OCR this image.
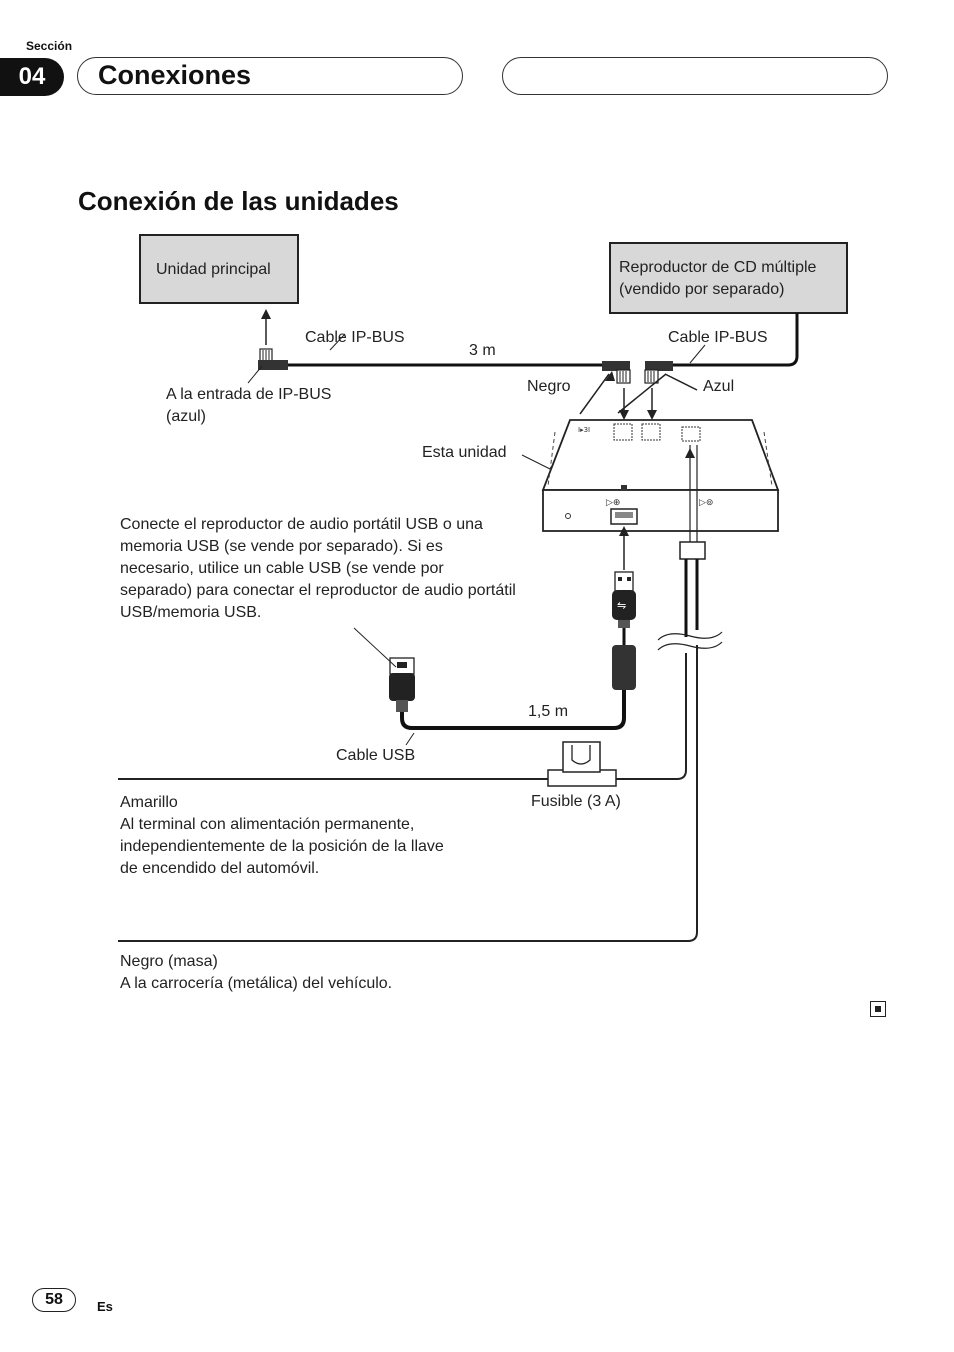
Sección
04	Conexiones
Conexión de las unidades
I▸3I
▷⊕	▷⊚
⇋
Unidad principal	Reproductor de CD múltiple
(vendido por separado)
Cable IP-BUS	Cable IP-BUS
3 m
Negro	Azul
A la entrada de IP-BUS
(azul)
Esta unidad
Conecte el reproductor de audio portátil USB o una memoria USB (se vende por separado). Si es necesario, utilice un cable USB (se vende por separado) para conectar el reproductor de audio portátil USB/memoria USB.
1,5 m
Cable USB
Fusible (3 A)
Amarillo
Al terminal con alimentación permanente, independientemente de la posición de la llave de encendido del automóvil.
Negro (masa)
A la carrocería (metálica) del vehículo.
58	Es
